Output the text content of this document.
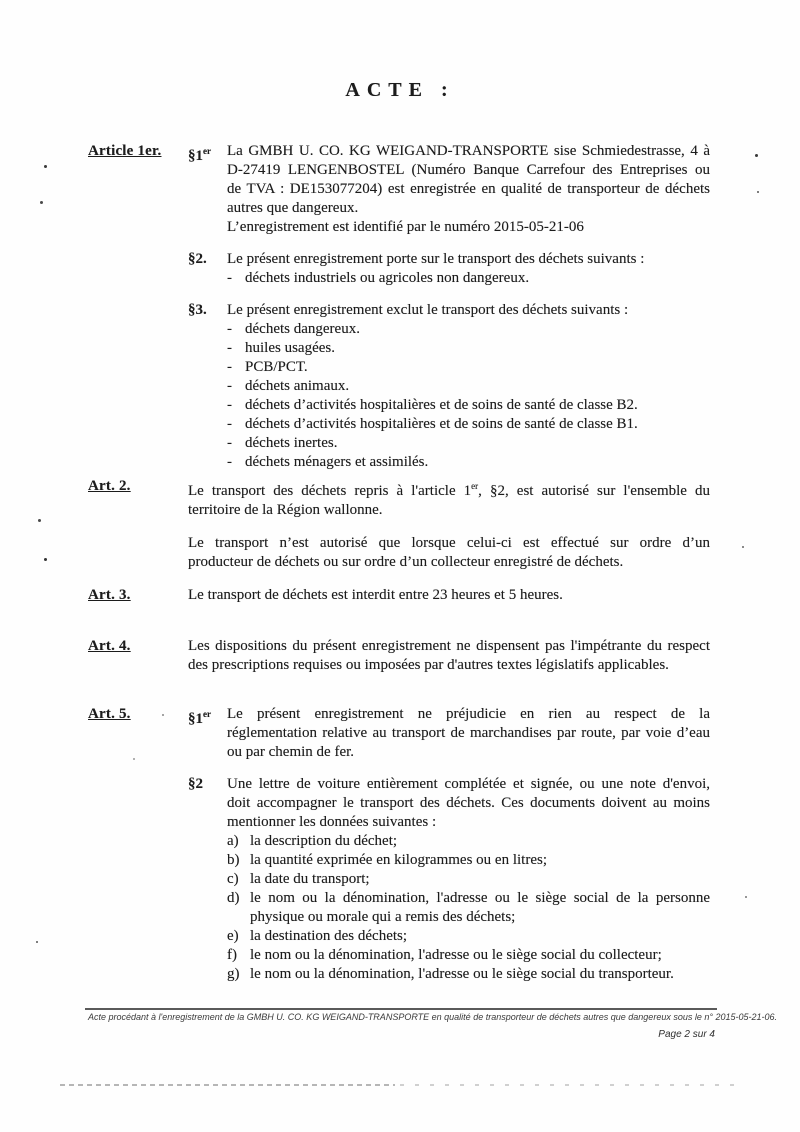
ACTE :
Article 1er.	§1er	La GMBH U. CO. KG WEIGAND-TRANSPORTE sise Schmiedestrasse, 4 à
D-27419 LENGENBOSTEL (Numéro Banque Carrefour des Entreprises ou
de TVA : DE153077204) est enregistrée en qualité de transporteur de déchets
autres que dangereux.
L’enregistrement est identifié par le numéro 2015-05-21-06
§2.	Le présent enregistrement porte sur le transport des déchets suivants :
- déchets industriels ou agricoles non dangereux.
§3.	Le présent enregistrement exclut le transport des déchets suivants :
- déchets dangereux.
- huiles usagées.
- PCB/PCT.
- déchets animaux.
- déchets d’activités hospitalières et de soins de santé de classe B2.
- déchets d’activités hospitalières et de soins de santé de classe B1.
- déchets inertes.
- déchets ménagers et assimilés.
Art. 2.	Le transport des déchets repris à l'article 1er, §2, est autorisé sur l'ensemble du
territoire de la Région wallonne.
Le transport n’est autorisé que lorsque celui-ci est effectué sur ordre d’un
producteur de déchets ou sur ordre d’un collecteur enregistré de déchets.
Art. 3.	Le transport de déchets est interdit entre 23 heures et 5 heures.
Art. 4.	Les dispositions du présent enregistrement ne dispensent pas l'impétrante du respect
des prescriptions requises ou imposées par d'autres textes législatifs applicables.
Art. 5.	§1er	Le présent enregistrement ne préjudicie en rien au respect de la
réglementation relative au transport de marchandises par route, par voie d’eau
ou par chemin de fer.
§2	Une lettre de voiture entièrement complétée et signée, ou une note d'envoi,
doit accompagner le transport des déchets. Ces documents doivent au moins
mentionner les données suivantes :
a) la description du déchet;
b) la quantité exprimée en kilogrammes ou en litres;
c) la date du transport;
d) le nom ou la dénomination, l'adresse ou le siège social de la personne
physique ou morale qui a remis des déchets;
e) la destination des déchets;
f) le nom ou la dénomination, l'adresse ou le siège social du collecteur;
g) le nom ou la dénomination, l'adresse ou le siège social du transporteur.
Acte procédant à l'enregistrement de la GMBH U. CO. KG WEIGAND-TRANSPORTE en qualité de transporteur de déchets autres que dangereux sous le n° 2015-05-21-06.
Page 2 sur 4
